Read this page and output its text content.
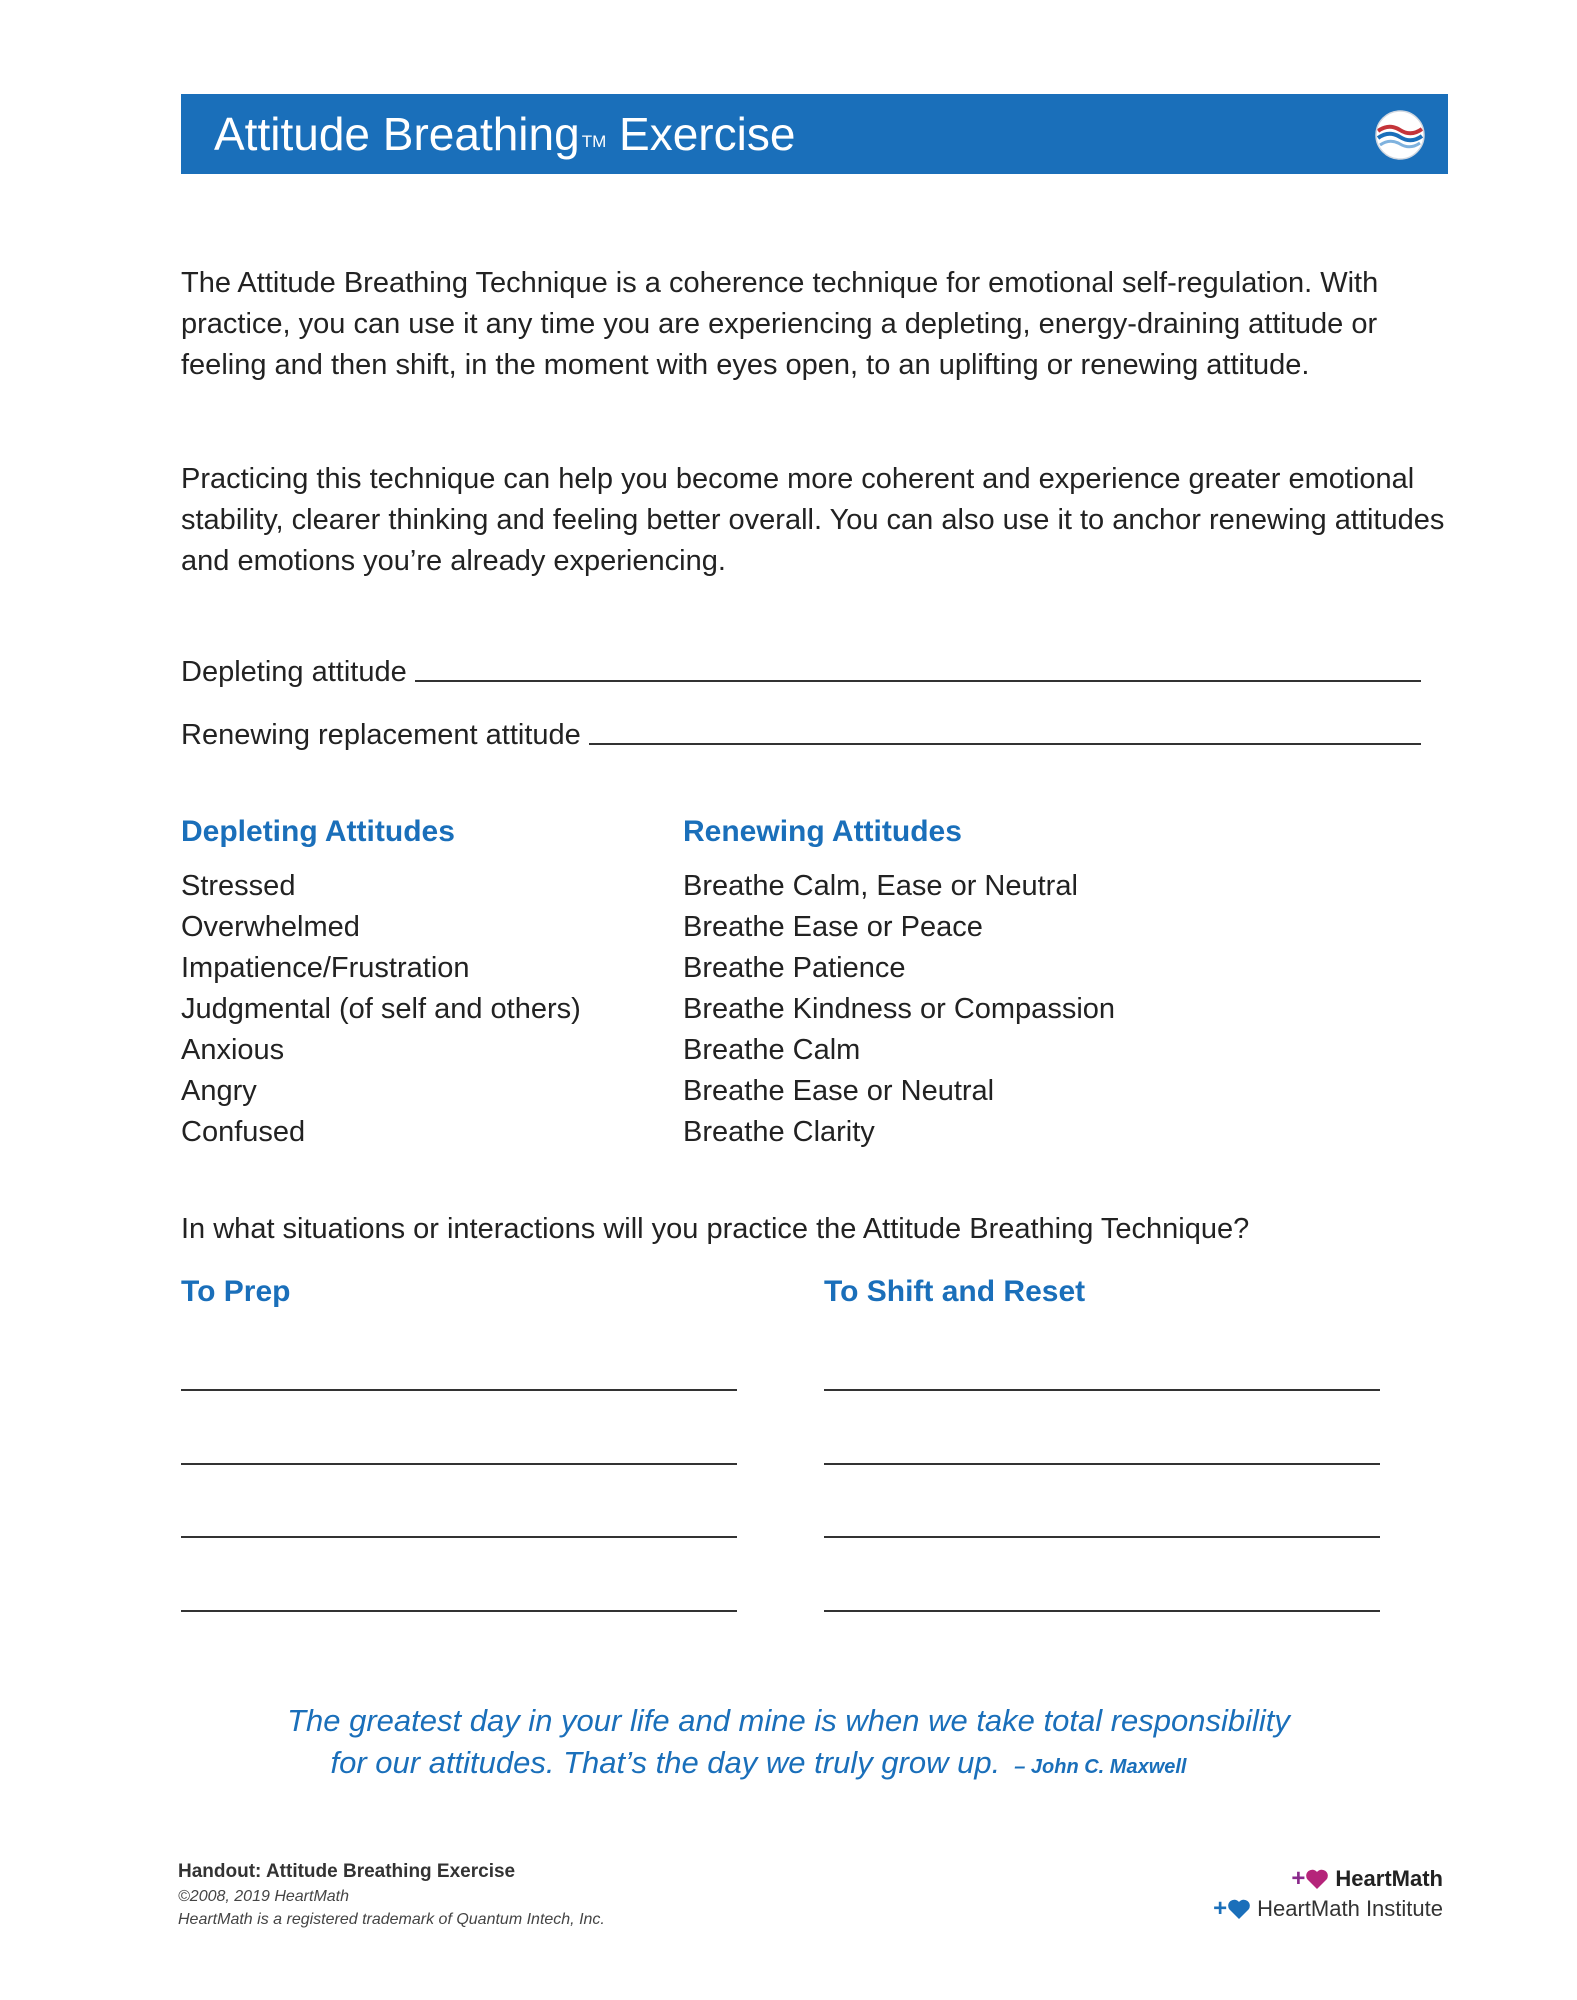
Attitude Breathing ™ Exercise

The Attitude Breathing Technique is a coherence technique for emotional self-regulation. With practice, you can use it any time you are experiencing a depleting, energy-draining attitude or feeling and then shift, in the moment with eyes open, to an uplifting or renewing attitude.

Practicing this technique can help you become more coherent and experience greater emotional stability, clearer thinking and feeling better overall. You can also use it to anchor renewing attitudes and emotions you’re already experiencing.

Depleting attitude
Renewing replacement attitude
Depleting Attitudes	Renewing Attitudes
Stressed
Overwhelmed
Impatience/Frustration
Judgmental (of self and others)
Anxious
Angry
Confused
Breathe Calm, Ease or Neutral
Breathe Ease or Peace
Breathe Patience
Breathe Kindness or Compassion
Breathe Calm
Breathe Ease or Neutral
Breathe Clarity
In what situations or interactions will you practice the Attitude Breathing Technique?
To Prep	To Shift and Reset

The greatest day in your life and mine is when we take total responsibility
for our attitudes. That’s the day we truly grow up. – John C. Maxwell

Handout: Attitude Breathing Exercise
©2008, 2019 HeartMath
HeartMath is a registered trademark of Quantum Intech, Inc.
+ HeartMath
+ HeartMath Institute
